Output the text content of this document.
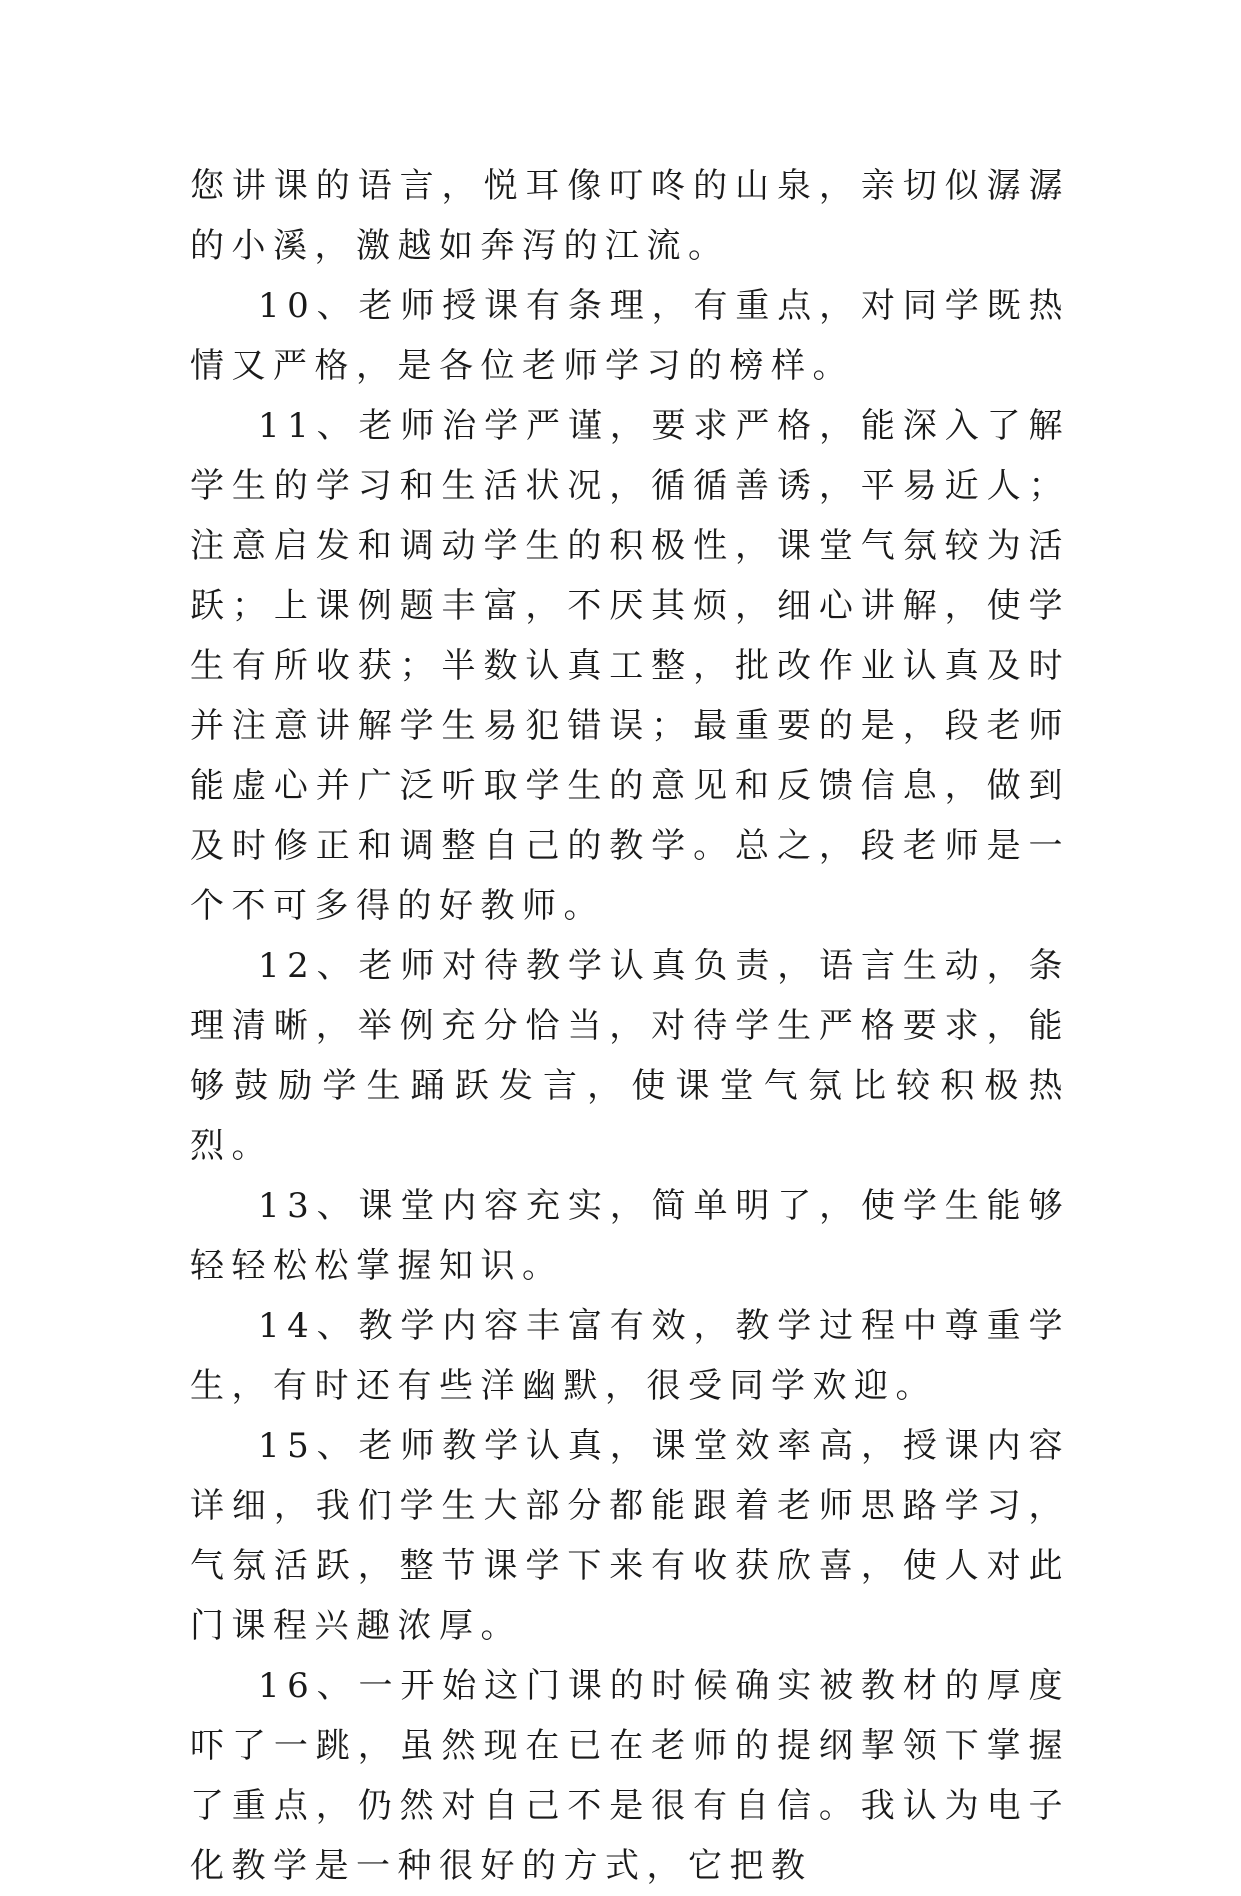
您讲课的语言，悦耳像叮咚的山泉，亲切似潺潺的小溪，激越如奔泻的江流。

10、老师授课有条理，有重点，对同学既热情又严格，是各位老师学习的榜样。

11、老师治学严谨，要求严格，能深入了解学生的学习和生活状况，循循善诱，平易近人；注意启发和调动学生的积极性，课堂气氛较为活跃；上课例题丰富，不厌其烦，细心讲解，使学生有所收获；半数认真工整，批改作业认真及时并注意讲解学生易犯错误；最重要的是，段老师能虚心并广泛听取学生的意见和反馈信息，做到及时修正和调整自己的教学。总之，段老师是一个不可多得的好教师。

12、老师对待教学认真负责，语言生动，条理清晰，举例充分恰当，对待学生严格要求，能够鼓励学生踊跃发言，使课堂气氛比较积极热烈。

13、课堂内容充实，简单明了，使学生能够轻轻松松掌握知识。

14、教学内容丰富有效，教学过程中尊重学生，有时还有些洋幽默，很受同学欢迎。

15、老师教学认真，课堂效率高，授课内容详细，我们学生大部分都能跟着老师思路学习，气氛活跃，整节课学下来有收获欣喜，使人对此门课程兴趣浓厚。

16、一开始这门课的时候确实被教材的厚度吓了一跳，虽然现在已在老师的提纲挈领下掌握了重点，仍然对自己不是很有自信。我认为电子化教学是一种很好的方式，它把教
